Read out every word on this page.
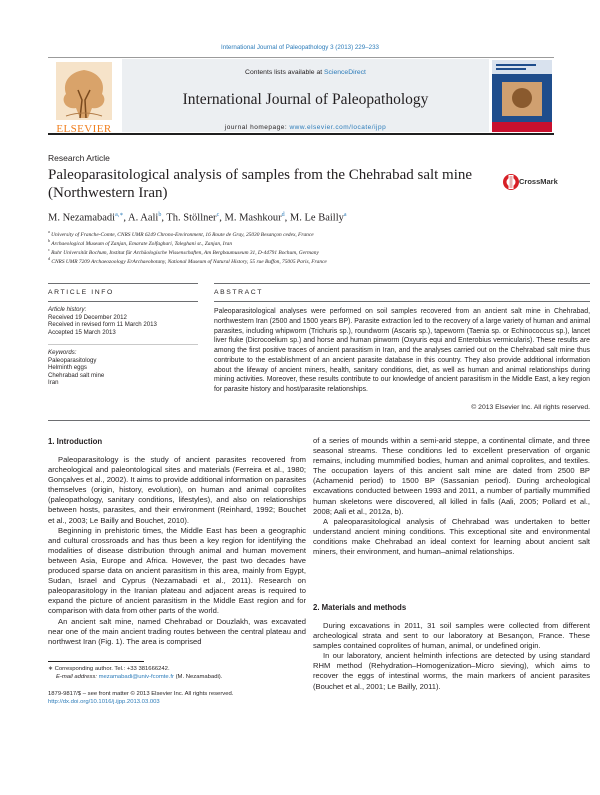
International Journal of Paleopathology 3 (2013) 229–233
ELSEVIER
Contents lists available at ScienceDirect
International Journal of Paleopathology
journal homepage: www.elsevier.com/locate/ijpp
Research Article
Paleoparasitological analysis of samples from the Chehrabad salt mine (Northwestern Iran)
CrossMark
M. Nezamabadi$^{a,∗}$, A. Aali$^b$, Th. Stöllner$^c$, M. Mashkour$^d$, M. Le Bailly$^a$
$^a$ University of Franche-Comte, CNRS UMR 6249 Chrono-Environment, 16 Route de Gray, 25030 Besançon cedex, France
$^b$ Archaeological Museum of Zanjan, Emarate Zolfaghari, Taleghani st., Zanjan, Iran
$^c$ Ruhr Universität Bochum, Institut für Archäologische Wissenschaften, Am Bergbaumuseum 31, D-44791 Bochum, Germany
$^d$ CNRS UMR 7209 Archaeozoology ErArchaeobotany, National Museum of Natural History, 55 rue Buffon, 75005 Paris, France
ARTICLE INFO
Article history:
Received 19 December 2012
Received in revised form 11 March 2013
Accepted 15 March 2013
Keywords:
Paleoparasitology
Helminth eggs
Chehrabad salt mine
Iran
ABSTRACT
Paleoparasitological analyses were performed on soil samples recovered from an ancient salt mine in Chehrabad, northwestern Iran (2500 and 1500 years BP). Parasite extraction led to the recovery of a large variety of human and animal parasites, including whipworm (Trichuris sp.), roundworm (Ascaris sp.), tapeworm (Taenia sp. or Echinococcus sp.), lancet liver fluke (Dicrocoelium sp.) and horse and human pinworm (Oxyuris equi and Enterobius vermicularis). These results are among the first positive traces of ancient parasitism in Iran, and the analyses carried out on the Chehrabad salt mine thus contribute to the establishment of an ancient parasite database in this country. They also provide additional information about the lifeway of ancient miners, health, sanitary conditions, diet, as well as human and animal relationships during mining activities. Moreover, these results contribute to our knowledge of ancient parasitism in the Middle East, a key region for parasite history and host/parasite relationships.
© 2013 Elsevier Inc. All rights reserved.
1. Introduction

Paleoparasitology is the study of ancient parasites recovered from archeological and paleontological sites and materials (Ferreira et al., 1980; Gonçalves et al., 2002). It aims to provide additional information on parasites themselves (origin, history, evolution), on human and animal coprolites (paleopathology, sanitary conditions, lifestyles), and also on relationships between hosts, parasites, and their environment (Reinhard, 1992; Bouchet et al., 2003; Le Bailly and Bouchet, 2010).

Beginning in prehistoric times, the Middle East has been a geographic and cultural crossroads and has thus been a key region for identifying the modalities of disease distribution through animal and human movement between Asia, Europe and Africa. However, the past two decades have produced sparse data on ancient parasitism in this area, mainly from Egypt, Sudan, Israel and Cyprus (Nezamabadi et al., 2011). Research on paleoparasitology in the Iranian plateau and adjacent areas is required to expand the picture of ancient parasitism in the Middle East region and for comparison with data from other parts of the world.

An ancient salt mine, named Chehrabad or Douzlakh, was excavated near one of the main ancient trading routes between the central plateau and northwest Iran (Fig. 1). The area is comprised

of a series of mounds within a semi-arid steppe, a continental climate, and three seasonal streams. These conditions led to excellent preservation of organic remains, including mummified bodies, human and animal coprolites, and textiles. The occupation layers of this ancient salt mine are dated from 2500 BP (Achamenid period) to 1500 BP (Sassanian period). During archeological excavations conducted between 1993 and 2011, a number of partially mummified human skeletons were discovered, all killed in falls (Aali, 2005; Pollard et al., 2008; Aali et al., 2012a, b).

A paleoparasitological analysis of Chehrabad was undertaken to better understand ancient mining conditions. This exceptional site and environmental conditions make Chehrabad an ideal context for learning about ancient salt miners, their environment, and human–animal relationships.

2. Materials and methods

During excavations in 2011, 31 soil samples were collected from different archeological strata and sent to our laboratory at Besançon, France. These samples contained coprolites of human, animal, or undefined origin.

In our laboratory, ancient helminth infections are detected by using standard RHM method (Rehydration–Homogenization–Micro sieving), which aims to recover the eggs of intestinal worms, the main markers of ancient parasites (Bouchet et al., 2001; Le Bailly, 2011).

∗ Corresponding author. Tel.: +33 381666242.
E-mail address: mezamabadi@univ-fcomte.fr (M. Nezamabadi).
1879-9817/$ – see front matter © 2013 Elsevier Inc. All rights reserved.
http://dx.doi.org/10.1016/j.ijpp.2013.03.003
